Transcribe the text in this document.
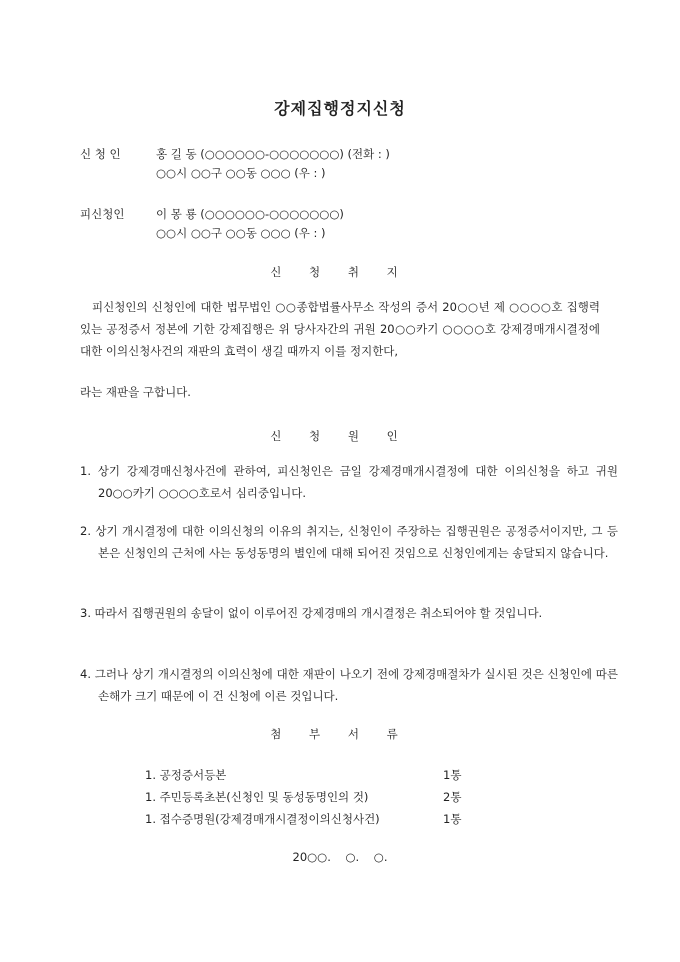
강제집행정지신청
신 청 인	홍 길 동 (○○○○○○-○○○○○○○) (전화 : )
○○시 ○○구 ○○동 ○○○ (우 : )
피신청인	이 몽 룡 (○○○○○○-○○○○○○○)
○○시 ○○구 ○○동 ○○○ (우 : )
신 청 취 지
피신청인의 신청인에 대한 법무법인 ○○종합법률사무소 작성의 증서 20○○년 제 ○○○○호 집행력있는 공정증서 정본에 기한 강제집행은 위 당사자간의 귀원 20○○카기 ○○○○호 강제경매개시결정에 대한 이의신청사건의 재판의 효력이 생길 때까지 이를 정지한다,
라는 재판을 구합니다.
신 청 원 인
1. 상기 강제경매신청사건에 관하여, 피신청인은 금일 강제경매개시결정에 대한 이의신청을 하고 귀원 20○○카기 ○○○○호로서 심리중입니다.
2. 상기 개시결정에 대한 이의신청의 이유의 취지는, 신청인이 주장하는 집행권원은 공정증서이지만, 그 등본은 신청인의 근처에 사는 동성동명의 별인에 대해 되어진 것임으로 신청인에게는 송달되지 않습니다.
3. 따라서 집행권원의 송달이 없이 이루어진 강제경매의 개시결정은 취소되어야 할 것입니다.
4. 그러나 상기 개시결정의 이의신청에 대한 재판이 나오기 전에 강제경매절차가 실시된 것은 신청인에 따른 손해가 크기 때문에 이 건 신청에 이른 것입니다.
첨 부 서 류
1. 공정증서등본	1통
1. 주민등록초본(신청인 및 동성동명인의 것)	2통
1. 접수증명원(강제경매개시결정이의신청사건)	1통
20○○.    ○.    ○.
